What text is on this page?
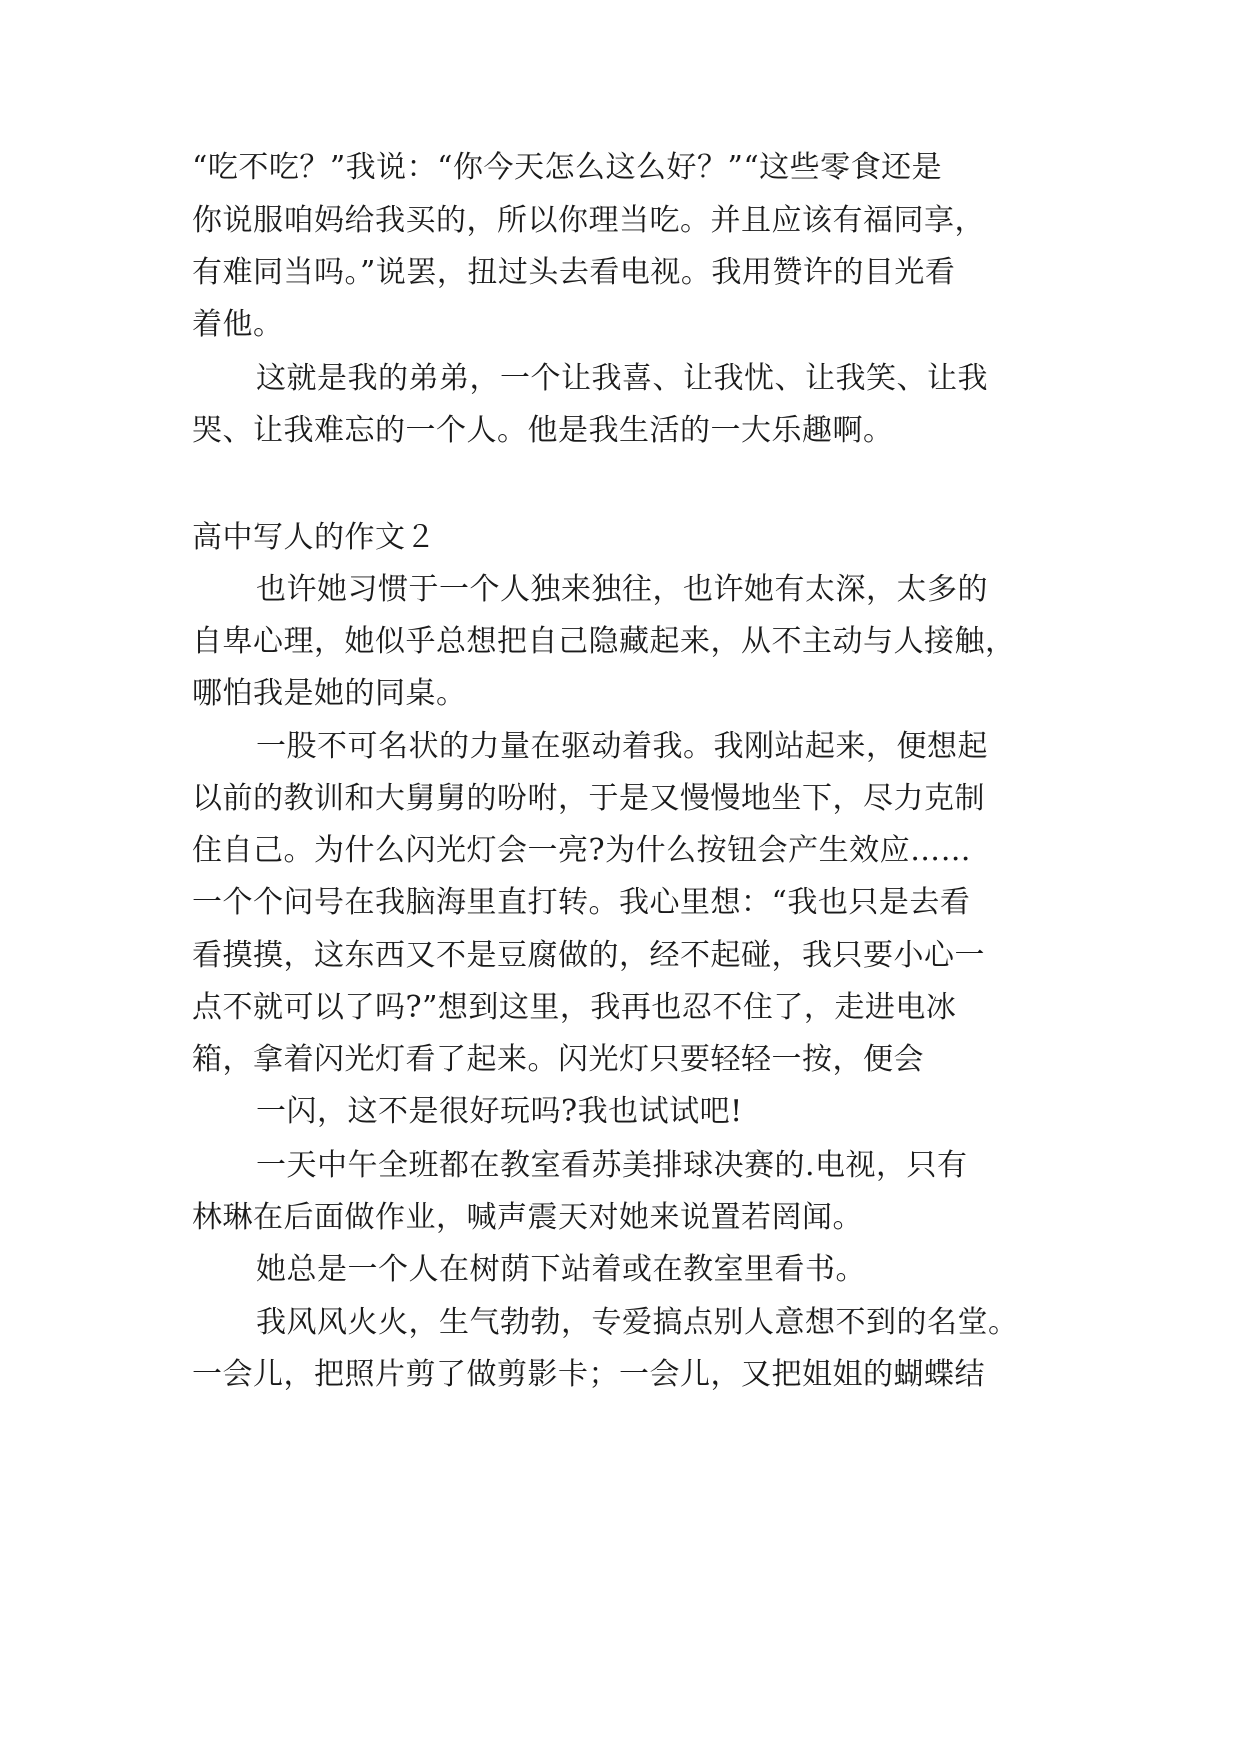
“吃不吃？”我说：“你今天怎么这么好？”“这些零食还是
你说服咱妈给我买的，所以你理当吃。并且应该有福同享，
有难同当吗。”说罢，扭过头去看电视。我用赞许的目光看
着他。
这就是我的弟弟，一个让我喜、让我忧、让我笑、让我
哭、让我难忘的一个人。他是我生活的一大乐趣啊。
高中写人的作文２
也许她习惯于一个人独来独往，也许她有太深，太多的
自卑心理，她似乎总想把自己隐藏起来，从不主动与人接触，
哪怕我是她的同桌。
一股不可名状的力量在驱动着我。我刚站起来，便想起
以前的教训和大舅舅的吩咐，于是又慢慢地坐下，尽力克制
住自己。为什么闪光灯会一亮?为什么按钮会产生效应……
一个个问号在我脑海里直打转。我心里想：“我也只是去看
看摸摸，这东西又不是豆腐做的，经不起碰，我只要小心一
点不就可以了吗?”想到这里，我再也忍不住了，走进电冰
箱，拿着闪光灯看了起来。闪光灯只要轻轻一按，便会
一闪，这不是很好玩吗?我也试试吧!
一天中午全班都在教室看苏美排球决赛的.电视，只有
林琳在后面做作业，喊声震天对她来说置若罔闻。
她总是一个人在树荫下站着或在教室里看书。
我风风火火，生气勃勃，专爱搞点别人意想不到的名堂。
一会儿，把照片剪了做剪影卡；一会儿，又把姐姐的蝴蝶结
